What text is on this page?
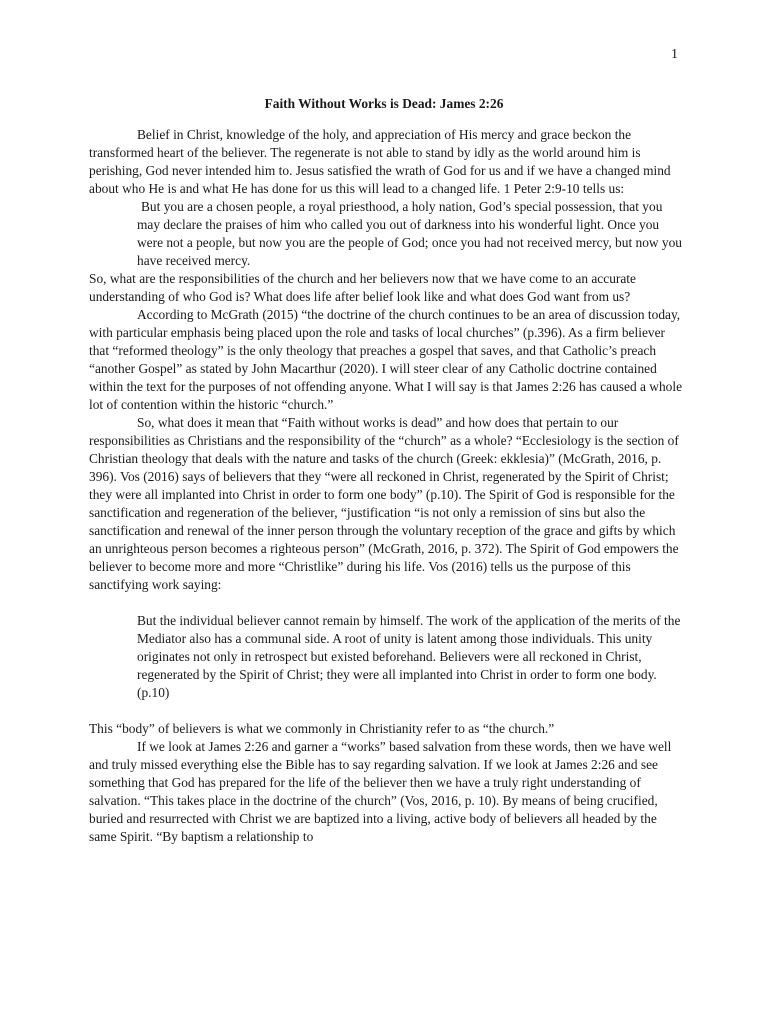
1
Faith Without Works is Dead: James 2:26

Belief in Christ, knowledge of the holy, and appreciation of His mercy and grace beckon the transformed heart of the believer. The regenerate is not able to stand by idly as the world around him is perishing, God never intended him to. Jesus satisfied the wrath of God for us and if we have a changed mind about who He is and what He has done for us this will lead to a changed life. 1 Peter 2:9-10 tells us:

But you are a chosen people, a royal priesthood, a holy nation, God’s special possession, that you may declare the praises of him who called you out of darkness into his wonderful light. Once you were not a people, but now you are the people of God; once you had not received mercy, but now you have received mercy.

So, what are the responsibilities of the church and her believers now that we have come to an accurate understanding of who God is? What does life after belief look like and what does God want from us?

According to McGrath (2015) “the doctrine of the church continues to be an area of discussion today, with particular emphasis being placed upon the role and tasks of local churches” (p.396). As a firm believer that “reformed theology” is the only theology that preaches a gospel that saves, and that Catholic’s preach “another Gospel” as stated by John Macarthur (2020). I will steer clear of any Catholic doctrine contained within the text for the purposes of not offending anyone. What I will say is that James 2:26 has caused a whole lot of contention within the historic “church.”

So, what does it mean that “Faith without works is dead” and how does that pertain to our responsibilities as Christians and the responsibility of the “church” as a whole? “Ecclesiology is the section of Christian theology that deals with the nature and tasks of the church (Greek: ekklesia)” (McGrath, 2016, p. 396). Vos (2016) says of believers that they “were all reckoned in Christ, regenerated by the Spirit of Christ; they were all implanted into Christ in order to form one body” (p.10). The Spirit of God is responsible for the sanctification and regeneration of the believer, “justification “is not only a remission of sins but also the sanctification and renewal of the inner person through the voluntary reception of the grace and gifts by which an unrighteous person becomes a righteous person” (McGrath, 2016, p. 372). The Spirit of God empowers the believer to become more and more “Christlike” during his life. Vos (2016) tells us the purpose of this sanctifying work saying:

But the individual believer cannot remain by himself. The work of the application of the merits of the Mediator also has a communal side. A root of unity is latent among those individuals. This unity originates not only in retrospect but existed beforehand. Believers were all reckoned in Christ, regenerated by the Spirit of Christ; they were all implanted into Christ in order to form one body. (p.10)

This “body” of believers is what we commonly in Christianity refer to as “the church.”

If we look at James 2:26 and garner a “works” based salvation from these words, then we have well and truly missed everything else the Bible has to say regarding salvation. If we look at James 2:26 and see something that God has prepared for the life of the believer then we have a truly right understanding of salvation. “This takes place in the doctrine of the church” (Vos, 2016, p. 10). By means of being crucified, buried and resurrected with Christ we are baptized into a living, active body of believers all headed by the same Spirit. “By baptism a relationship to
